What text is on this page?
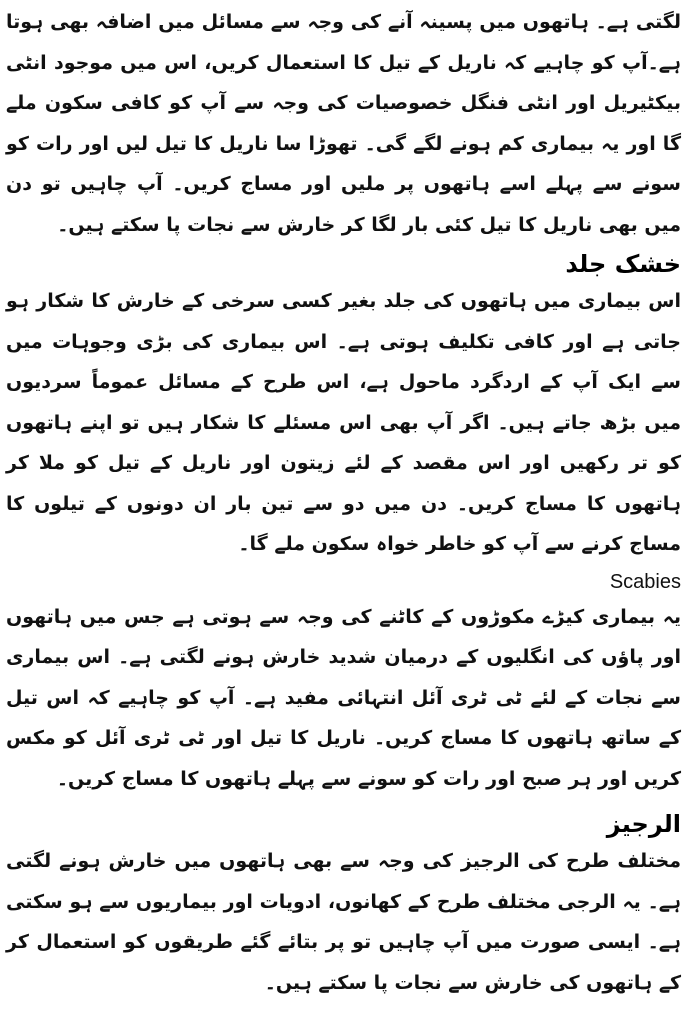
لگتی ہے۔ ہاتھوں میں پسینہ آنے کی وجہ سے مسائل میں اضافہ بھی ہوتا ہے۔آپ کو چاہیے کہ ناریل کے تیل کا استعمال کریں، اس میں موجود انٹی بیکٹیریل اور انٹی فنگل خصوصیات کی وجہ سے آپ کو کافی سکون ملے گا اور یہ بیماری کم ہونے لگے گی۔ تھوڑا سا ناریل کا تیل لیں اور رات کو سونے سے پہلے اسے ہاتھوں پر ملیں اور مساج کریں۔ آپ چاہیں تو دن میں بھی ناریل کا تیل کئی بار لگا کر خارش سے نجات پا سکتے ہیں۔

خشک جلد

اس بیماری میں ہاتھوں کی جلد بغیر کسی سرخی کے خارش کا شکار ہو جاتی ہے اور کافی تکلیف ہوتی ہے۔ اس بیماری کی بڑی وجوہات میں سے ایک آپ کے اردگرد ماحول ہے، اس طرح کے مسائل عموماً سردیوں میں بڑھ جاتے ہیں۔ اگر آپ بھی اس مسئلے کا شکار ہیں تو اپنے ہاتھوں کو تر رکھیں اور اس مقصد کے لئے زیتون اور ناریل کے تیل کو ملا کر ہاتھوں کا مساج کریں۔ دن میں دو سے تین بار ان دونوں کے تیلوں کا مساج کرنے سے آپ کو خاطر خواہ سکون ملے گا۔

Scabies

یہ بیماری کیڑے مکوڑوں کے کاٹنے کی وجہ سے ہوتی ہے جس میں ہاتھوں اور پاؤں کی انگلیوں کے درمیان شدید خارش ہونے لگتی ہے۔ اس بیماری سے نجات کے لئے ٹی ٹری آئل انتہائی مفید ہے۔ آپ کو چاہیے کہ اس تیل کے ساتھ ہاتھوں کا مساج کریں۔ ناریل کا تیل اور ٹی ٹری آئل کو مکس کریں اور ہر صبح اور رات کو سونے سے پہلے ہاتھوں کا مساج کریں۔

الرجیز

مختلف طرح کی الرجیز کی وجہ سے بھی ہاتھوں میں خارش ہونے لگتی ہے۔ یہ الرجی مختلف طرح کے کھانوں، ادویات اور بیماریوں سے ہو سکتی ہے۔ ایسی صورت میں آپ چاہیں تو پر بتائے گئے طریقوں کو استعمال کر کے ہاتھوں کی خارش سے نجات پا سکتے ہیں۔
